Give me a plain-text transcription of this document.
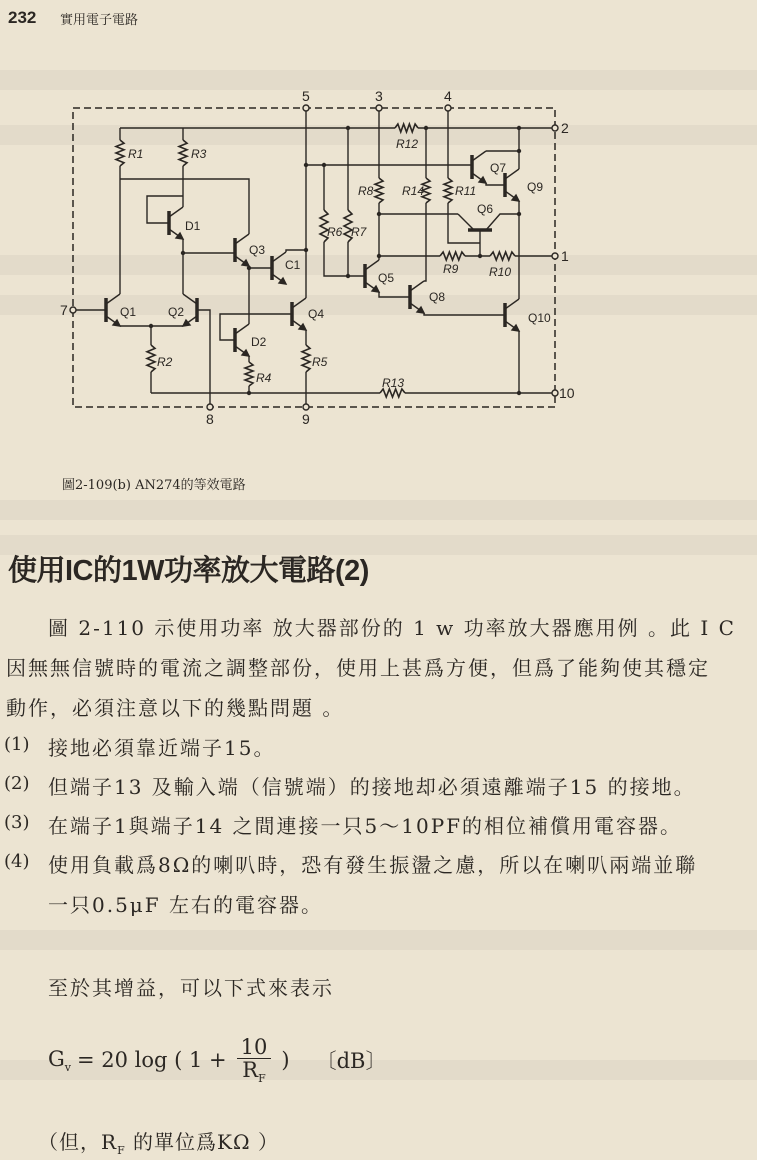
232 實用電子電路
5	3	4
2
1
10
7
8	9
R1	R3
R2
R4
R5
R6 R7
R8 R14	R11
R12
R9	R10
R13
Q1	Q2
D1
Q3
C1
Q4
D2
Q5
Q8
Q7
Q9
Q6
Q10
圖2-109(b) AN274的等效電路
使用IC的1W功率放大電路(2)
圖 2-110 示使用功率 放大器部份的 1 w 功率放大器應用例 。此 I C
因無無信號時的電流之調整部份，使用上甚爲方便，但爲了能夠使其穩定
動作，必須注意以下的幾點問題 。
(1) 接地必須靠近端子15。
(2) 但端子13 及輸入端（信號端）的接地却必須遠離端子15 的接地。
(3) 在端子1與端子14 之間連接一只5～10PF的相位補償用電容器。
(4) 使用負載爲8Ω的喇叭時，恐有發生振盪之慮，所以在喇叭兩端並聯
一只0.5μF 左右的電容器。
至於其增益，可以下式來表示
$G_v = 20$ log ( $1 + \frac{10}{R_F}$ ) 〔dB〕
（但，$R_F$ 的單位爲KΩ ）
